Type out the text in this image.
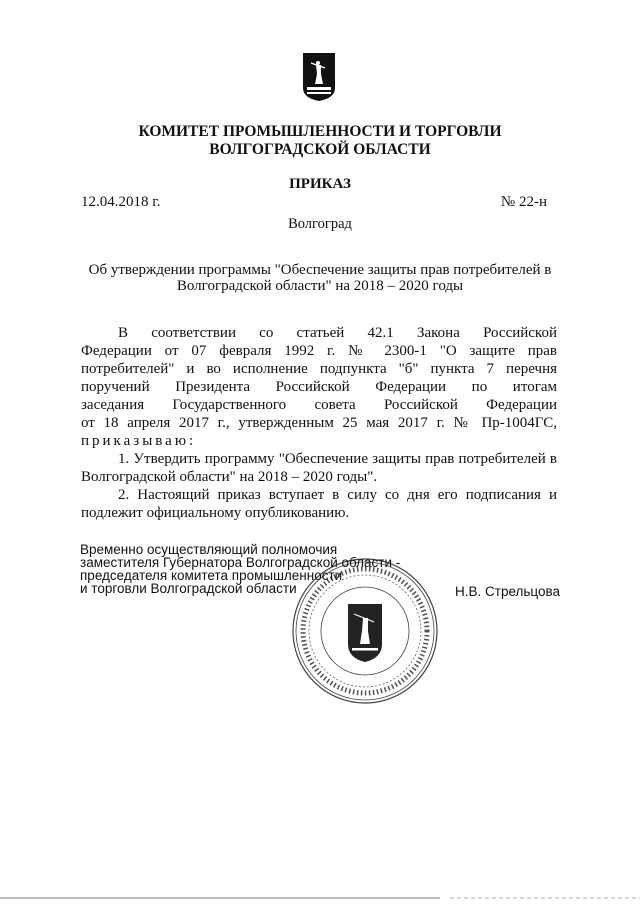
КОМИТЕТ ПРОМЫШЛЕННОСТИ И ТОРГОВЛИ
ВОЛГОГРАДСКОЙ ОБЛАСТИ
ПРИКАЗ
12.04.2018 г.	№ 22-н
Волгоград
Об утверждении программы "Обеспечение защиты прав потребителей в
Волгоградской области" на 2018 – 2020 годы

В соответствии со статьей 42.1 Закона Российской

Федерации от 07 февраля 1992 г. № 2300-1 "О защите прав

потребителей" и во исполнение подпункта "б" пункта 7 перечня

поручений Президента Российской Федерации по итогам

заседания Государственного совета Российской Федерации

от 18 апреля 2017 г., утвержденным 25 мая 2017 г. № Пр-1004ГС,

приказываю:

1. Утвердить программу "Обеспечение защиты прав потребителей в

Волгоградской области" на 2018 – 2020 годы".

2. Настоящий приказ вступает в силу со дня его подписания и

подлежит официальному опубликованию.

Временно осуществляющий полномочия
заместителя Губернатора Волгоградской области -
председателя комитета промышленности
и торговли Волгоградской области	Н.В. Стрельцова
